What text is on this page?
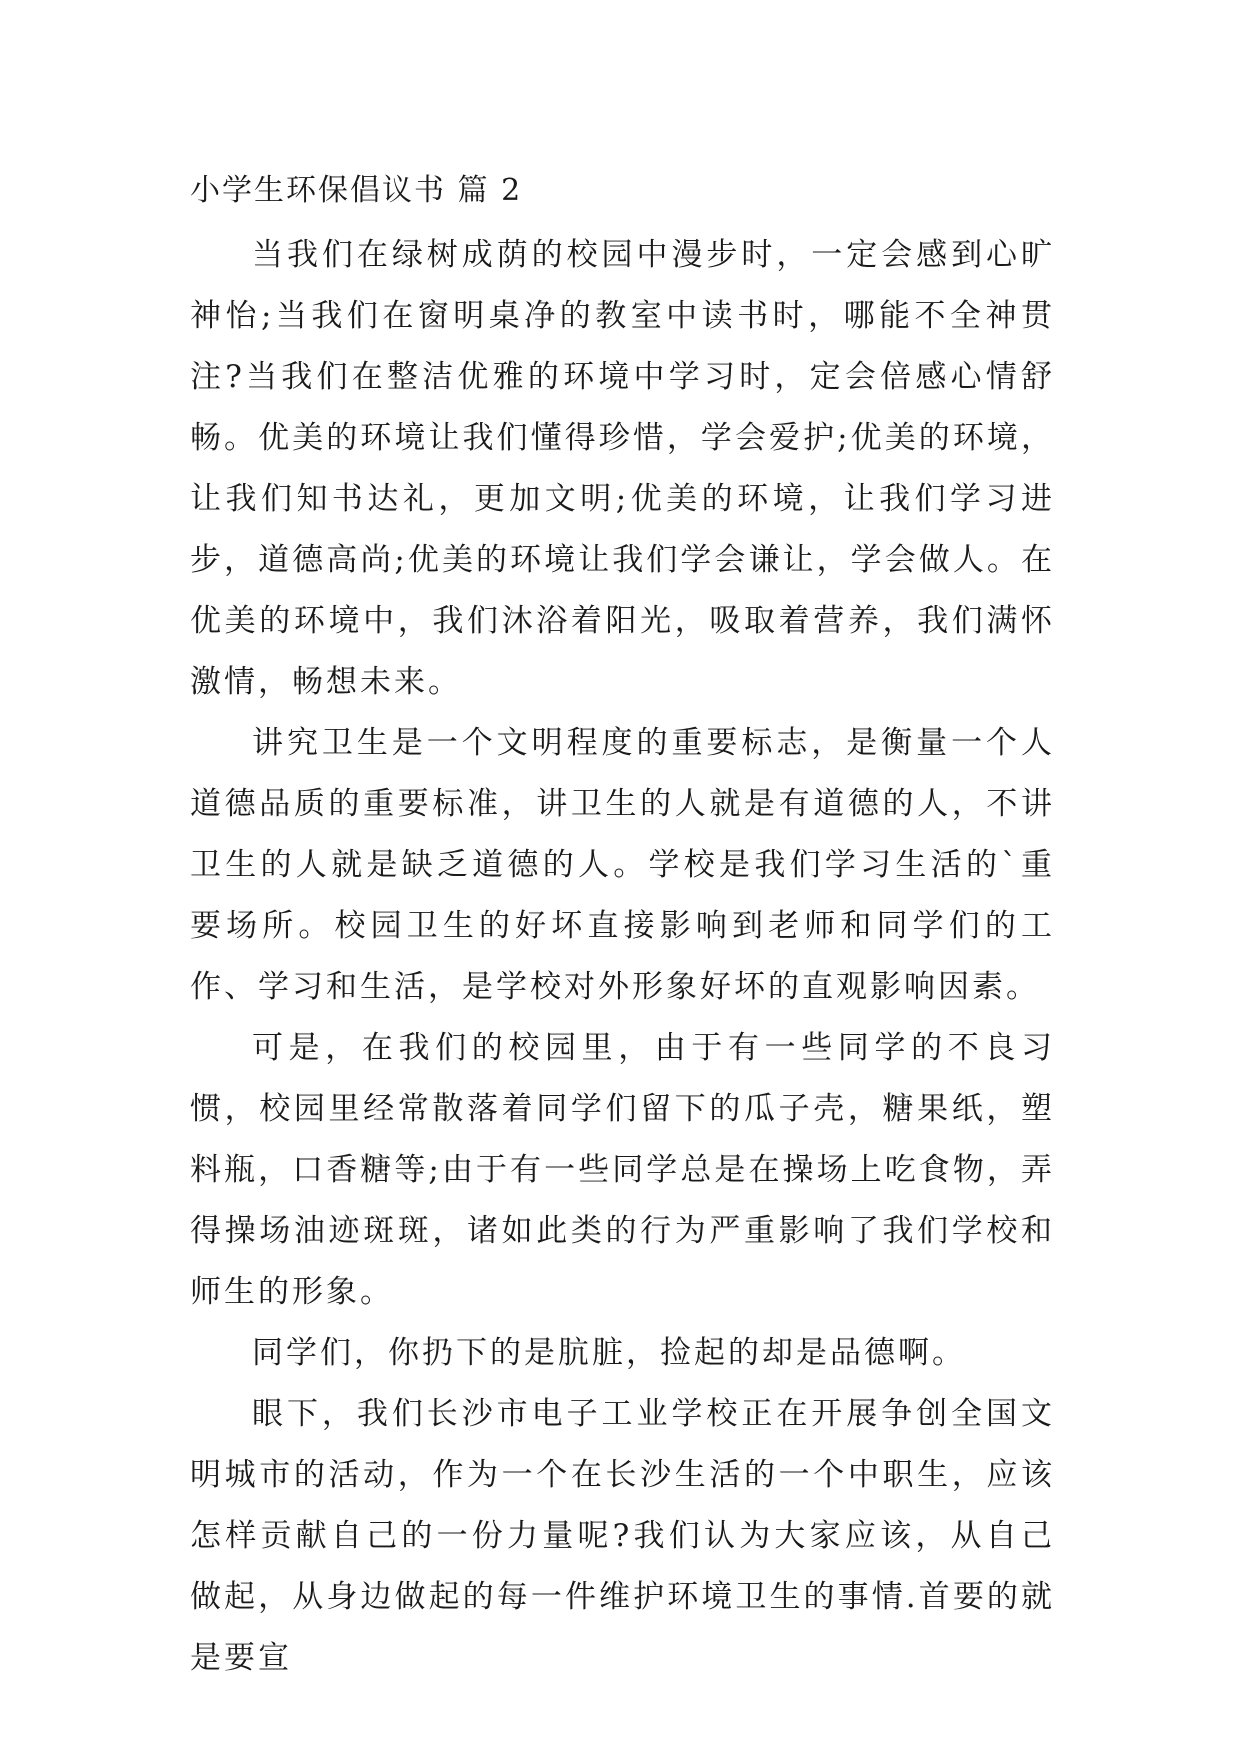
小学生环保倡议书 篇 2

当我们在绿树成荫的校园中漫步时，一定会感到心旷神怡;当我们在窗明桌净的教室中读书时，哪能不全神贯注?当我们在整洁优雅的环境中学习时，定会倍感心情舒畅。优美的环境让我们懂得珍惜，学会爱护;优美的环境，让我们知书达礼，更加文明;优美的环境，让我们学习进步，道德高尚;优美的环境让我们学会谦让，学会做人。在优美的环境中，我们沐浴着阳光，吸取着营养，我们满怀激情，畅想未来。

讲究卫生是一个文明程度的重要标志，是衡量一个人道德品质的重要标准，讲卫生的人就是有道德的人，不讲卫生的人就是缺乏道德的人。学校是我们学习生活的`重要场所。校园卫生的好坏直接影响到老师和同学们的工作、学习和生活，是学校对外形象好坏的直观影响因素。

可是，在我们的校园里，由于有一些同学的不良习惯，校园里经常散落着同学们留下的瓜子壳，糖果纸，塑料瓶，口香糖等;由于有一些同学总是在操场上吃食物，弄得操场油迹斑斑，诸如此类的行为严重影响了我们学校和师生的形象。

同学们，你扔下的是肮脏，捡起的却是品德啊。

眼下，我们长沙市电子工业学校正在开展争创全国文明城市的活动，作为一个在长沙生活的一个中职生，应该怎样贡献自己的一份力量呢?我们认为大家应该，从自己做起，从身边做起的每一件维护环境卫生的事情.首要的就是要宣
